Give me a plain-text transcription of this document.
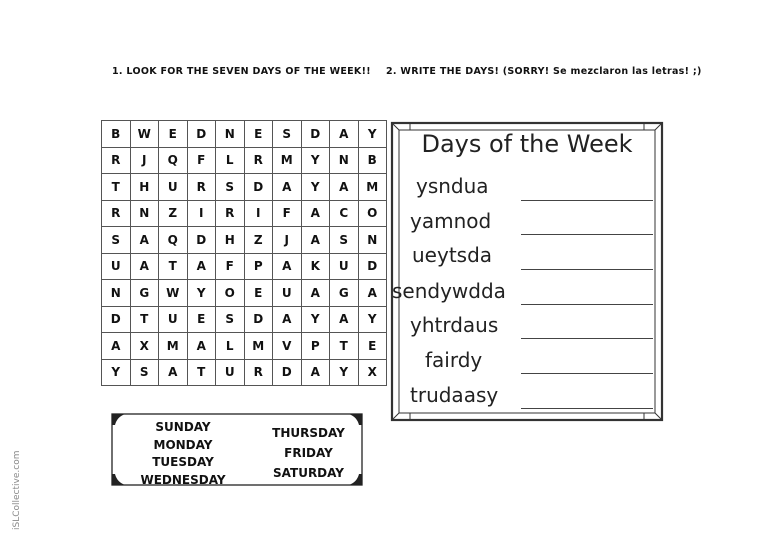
1. LOOK FOR THE SEVEN DAYS OF THE WEEK!! 2. WRITE THE DAYS! (SORRY! Se mezclaron las letras! ;)
B	W	E	D	N	E	S	D	A	Y
R	J	Q	F	L	R	M	Y	N	B
T	H	U	R	S	D	A	Y	A	M
R	N	Z	I	R	I	F	A	C	O
S	A	Q	D	H	Z	J	A	S	N
U	A	T	A	F	P	A	K	U	D
N	G	W	Y	O	E	U	A	G	A
D	T	U	E	S	D	A	Y	A	Y
A	X	M	A	L	M	V	P	T	E
Y	S	A	T	U	R	D	A	Y	X
SUNDAY
MONDAY
TUESDAY
WEDNESDAY
THURSDAY
FRIDAY
SATURDAY
Days of the Week
ysndua
yamnod
ueytsda
sendywdda
yhtrdaus
fairdy
trudaasy
iSLCollective.com
